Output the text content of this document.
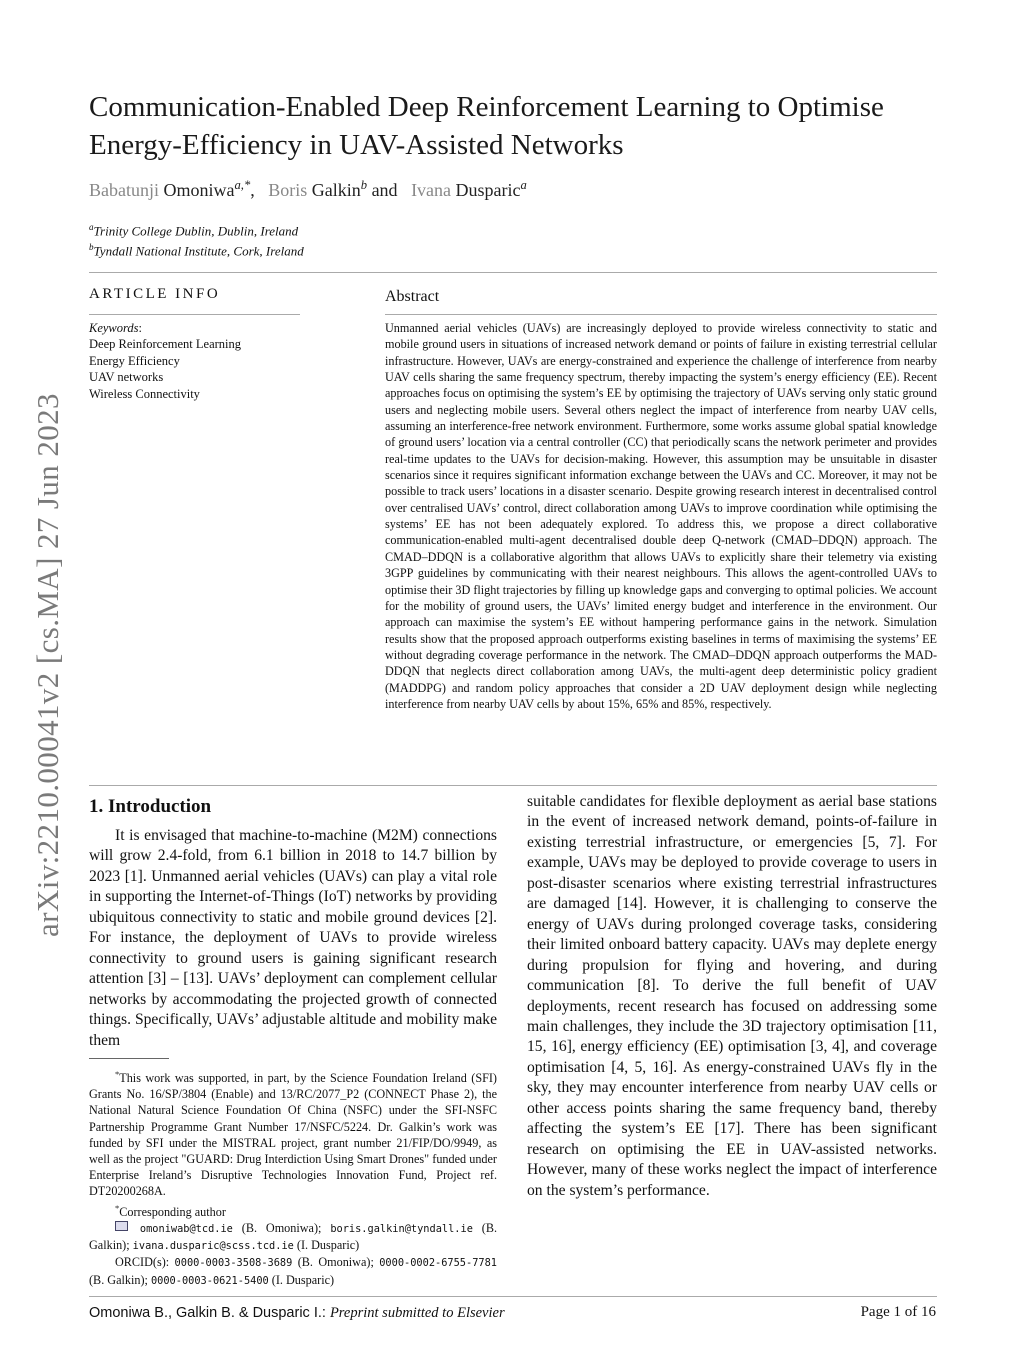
arXiv:2210.00041v2 [cs.MA] 27 Jun 2023
Communication-Enabled Deep Reinforcement Learning to Optimise Energy-Efficiency in UAV-Assisted Networks
Babatunji Omoniwa$^{a,*}$, Boris Galkin$^b$ and Ivana Dusparic$^a$
$^a$Trinity College Dublin, Dublin, Ireland
$^b$Tyndall National Institute, Cork, Ireland
ARTICLE INFO
Keywords:
Deep Reinforcement Learning
Energy Efficiency
UAV networks
Wireless Connectivity
Abstract
Unmanned aerial vehicles (UAVs) are increasingly deployed to provide wireless connectivity to static and mobile ground users in situations of increased network demand or points of failure in existing terrestrial cellular infrastructure. However, UAVs are energy-constrained and experience the challenge of interference from nearby UAV cells sharing the same frequency spectrum, thereby impacting the system’s energy efficiency (EE). Recent approaches focus on optimising the system’s EE by optimising the trajectory of UAVs serving only static ground users and neglecting mobile users. Several others neglect the impact of interference from nearby UAV cells, assuming an interference-free network environment. Furthermore, some works assume global spatial knowledge of ground users’ location via a central controller (CC) that periodically scans the network perimeter and provides real-time updates to the UAVs for decision-making. However, this assumption may be unsuitable in disaster scenarios since it requires significant information exchange between the UAVs and CC. Moreover, it may not be possible to track users’ locations in a disaster scenario. Despite growing research interest in decentralised control over centralised UAVs’ control, direct collaboration among UAVs to improve coordination while optimising the systems’ EE has not been adequately explored. To address this, we propose a direct collaborative communication-enabled multi-agent decentralised double deep Q-network (CMAD–DDQN) approach. The CMAD–DDQN is a collaborative algorithm that allows UAVs to explicitly share their telemetry via existing 3GPP guidelines by communicating with their nearest neighbours. This allows the agent-controlled UAVs to optimise their 3D flight trajectories by filling up knowledge gaps and converging to optimal policies. We account for the mobility of ground users, the UAVs’ limited energy budget and interference in the environment. Our approach can maximise the system’s EE without hampering performance gains in the network. Simulation results show that the proposed approach outperforms existing baselines in terms of maximising the systems’ EE without degrading coverage performance in the network. The CMAD–DDQN approach outperforms the MAD-DDQN that neglects direct collaboration among UAVs, the multi-agent deep deterministic policy gradient (MADDPG) and random policy approaches that consider a 2D UAV deployment design while neglecting interference from nearby UAV cells by about 15%, 65% and 85%, respectively.
1. Introduction

It is envisaged that machine-to-machine (M2M) connections will grow 2.4-fold, from 6.1 billion in 2018 to 14.7 billion by 2023 [1]. Unmanned aerial vehicles (UAVs) can play a vital role in supporting the Internet-of-Things (IoT) networks by providing ubiquitous connectivity to static and mobile ground devices [2]. For instance, the deployment of UAVs to provide wireless connectivity to ground users is gaining significant research attention [3] – [13]. UAVs’ deployment can complement cellular networks by accommodating the projected growth of connected things. Specifically, UAVs’ adjustable altitude and mobility make them

suitable candidates for flexible deployment as aerial base stations in the event of increased network demand, points-of-failure in existing terrestrial infrastructure, or emergencies [5, 7]. For example, UAVs may be deployed to provide coverage to users in post-disaster scenarios where existing terrestrial infrastructures are damaged [14]. However, it is challenging to conserve the energy of UAVs during prolonged coverage tasks, considering their limited onboard battery capacity. UAVs may deplete energy during propulsion for flying and hovering, and during communication [8]. To derive the full benefit of UAV deployments, recent research has focused on addressing some main challenges, they include the 3D trajectory optimisation [11, 15, 16], energy efficiency (EE) optimisation [3, 4], and coverage optimisation [4, 5, 16]. As energy-constrained UAVs fly in the sky, they may encounter interference from nearby UAV cells or other access points sharing the same frequency band, thereby affecting the system’s EE [17]. There has been significant research on optimising the EE in UAV-assisted networks. However, many of these works neglect the impact of interference on the system’s performance.

*This work was supported, in part, by the Science Foundation Ireland (SFI) Grants No. 16/SP/3804 (Enable) and 13/RC/2077_P2 (CONNECT Phase 2), the National Natural Science Foundation Of China (NSFC) under the SFI-NSFC Partnership Programme Grant Number 17/NSFC/5224. Dr. Galkin’s work was funded by SFI under the MISTRAL project, grant number 21/FIP/DO/9949, as well as the project "GUARD: Drug Interdiction Using Smart Drones" funded under Enterprise Ireland’s Disruptive Technologies Innovation Fund, Project ref. DT20200268A.

*Corresponding author

omoniwab@tcd.ie (B. Omoniwa); boris.galkin@tyndall.ie (B. Galkin); ivana.dusparic@scss.tcd.ie (I. Dusparic)

ORCID(s): 0000-0003-3508-3689 (B. Omoniwa); 0000-0002-6755-7781 (B. Galkin); 0000-0003-0621-5400 (I. Dusparic)

Omoniwa B., Galkin B. & Dusparic I.: Preprint submitted to Elsevier	Page 1 of 16
